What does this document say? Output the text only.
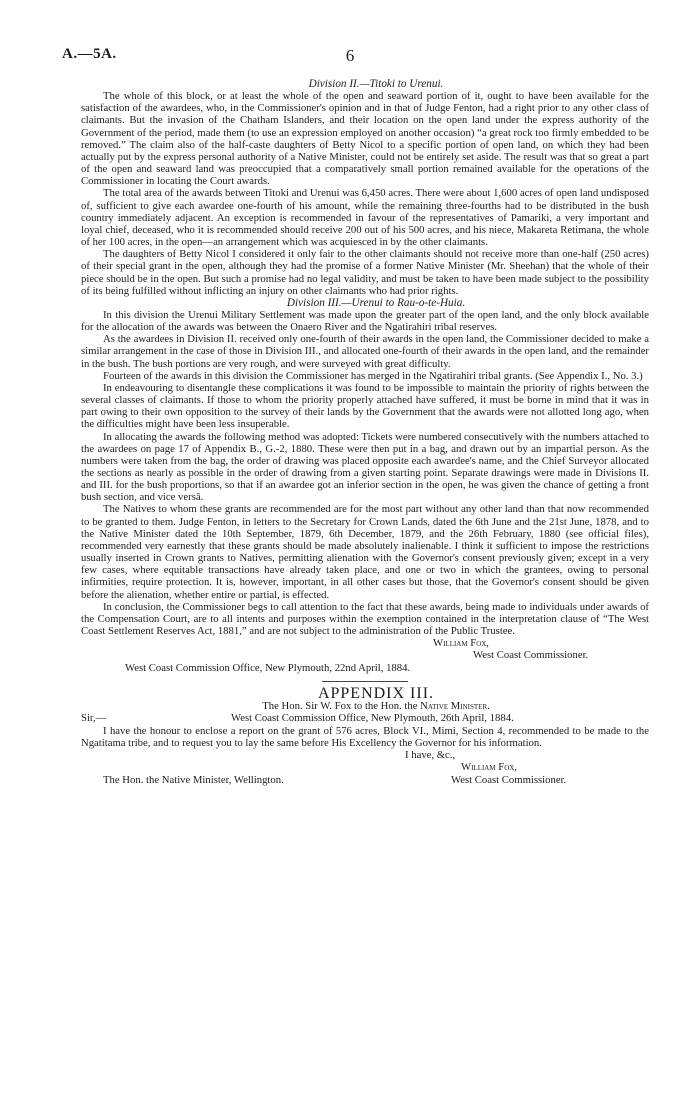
A.—5A.	6

Division II.—Titoki to Urenui.

The whole of this block, or at least the whole of the open and seaward portion of it, ought to have been available for the satisfaction of the awardees, who, in the Commissioner's opinion and in that of Judge Fenton, had a right prior to any other class of claimants. But the invasion of the Chatham Islanders, and their location on the open land under the express authority of the Government of the period, made them (to use an expression employed on another occasion) “a great rock too firmly embedded to be removed.” The claim also of the half-caste daughters of Betty Nicol to a specific portion of open land, on which they had been actually put by the express personal authority of a Native Minister, could not be entirely set aside. The result was that so great a part of the open and seaward land was preoccupied that a comparatively small portion remained available for the operations of the Commissioner in locating the Court awards.

The total area of the awards between Titoki and Urenui was 6,450 acres. There were about 1,600 acres of open land undisposed of, sufficient to give each awardee one-fourth of his amount, while the remaining three-fourths had to be distributed in the bush country immediately adjacent. An exception is recommended in favour of the representatives of Pamariki, a very important and loyal chief, deceased, who it is recommended should receive 200 out of his 500 acres, and his niece, Makareta Retimana, the whole of her 100 acres, in the open—an arrangement which was acquiesced in by the other claimants.

The daughters of Betty Nicol I considered it only fair to the other claimants should not receive more than one-half (250 acres) of their special grant in the open, although they had the promise of a former Native Minister (Mr. Sheehan) that the whole of their piece should be in the open. But such a promise had no legal validity, and must be taken to have been made subject to the possibility of its being fulfilled without inflicting an injury on other claimants who had prior rights.

Division III.—Urenui to Rau-o-te-Huia.

In this division the Urenui Military Settlement was made upon the greater part of the open land, and the only block available for the allocation of the awards was between the Onaero River and the Ngatirahiri tribal reserves.

As the awardees in Division II. received only one-fourth of their awards in the open land, the Commissioner decided to make a similar arrangement in the case of those in Division III., and allocated one-fourth of their awards in the open land, and the remainder in the bush. The bush portions are very rough, and were surveyed with great difficulty.

Fourteen of the awards in this division the Commissioner has merged in the Ngatirahiri tribal grants. (See Appendix I., No. 3.)

In endeavouring to disentangle these complications it was found to be impossible to maintain the priority of rights between the several classes of claimants. If those to whom the priority properly attached have suffered, it must be borne in mind that it was in part owing to their own opposition to the survey of their lands by the Government that the awards were not allotted long ago, when the difficulties might have been less insuperable.

In allocating the awards the following method was adopted: Tickets were numbered consecutively with the numbers attached to the awardees on page 17 of Appendix B., G.-2, 1880. These were then put in a bag, and drawn out by an impartial person. As the numbers were taken from the bag, the order of drawing was placed opposite each awardee's name, and the Chief Surveyor allocated the sections as nearly as possible in the order of drawing from a given starting point. Separate drawings were made in Divisions II. and III. for the bush proportions, so that if an awardee got an inferior section in the open, he was given the chance of getting a front bush section, and vice versâ.

The Natives to whom these grants are recommended are for the most part without any other land than that now recommended to be granted to them. Judge Fenton, in letters to the Secretary for Crown Lands, dated the 6th June and the 21st June, 1878, and to the Native Minister dated the 10th September, 1879, 6th December, 1879, and the 26th February, 1880 (see official files), recommended very earnestly that these grants should be made absolutely inalienable. I think it sufficient to impose the restrictions usually inserted in Crown grants to Natives, permitting alienation with the Governor's consent previously given; except in a very few cases, where equitable transactions have already taken place, and one or two in which the grantees, owing to personal infirmities, require protection. It is, however, important, in all other cases but those, that the Governor's consent should be given before the alienation, whether entire or partial, is effected.

In conclusion, the Commissioner begs to call attention to the fact that these awards, being made to individuals under awards of the Compensation Court, are to all intents and purposes within the exemption contained in the interpretation clause of “The West Coast Settlement Reserves Act, 1881,” and are not subject to the administration of the Public Trustee.

William Fox,

West Coast Commissioner.

West Coast Commission Office, New Plymouth, 22nd April, 1884.

APPENDIX III.

The Hon. Sir W. Fox to the Hon. the Native Minister.

Sir,—	West Coast Commission Office, New Plymouth, 26th April, 1884.

I have the honour to enclose a report on the grant of 576 acres, Block VI., Mimi, Section 4, recommended to be made to the Ngatitama tribe, and to request you to lay the same before His Excellency the Governor for his information.

I have, &c.,

William Fox,
The Hon. the Native Minister, Wellington.	West Coast Commissioner.
